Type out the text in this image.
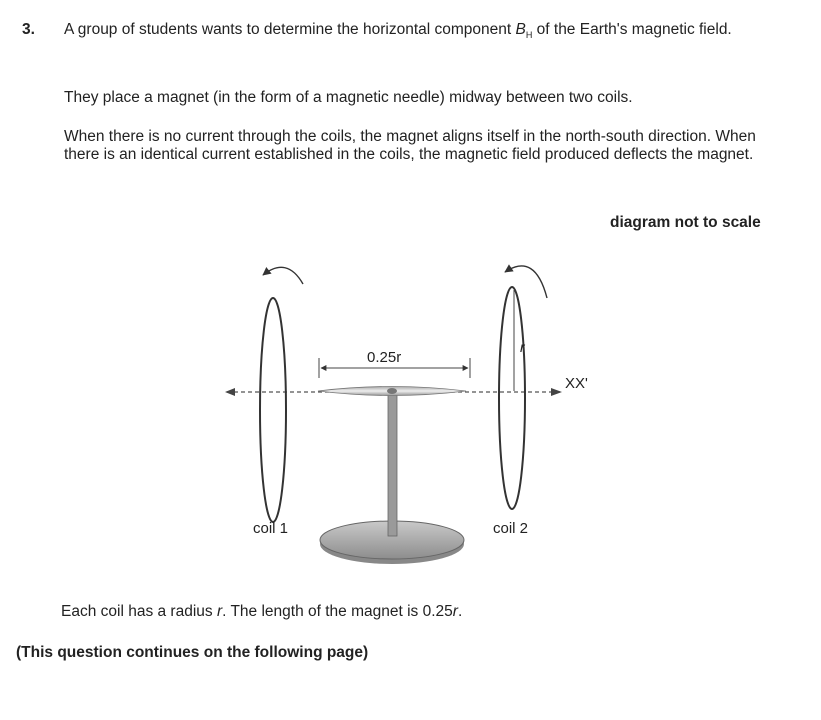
3. A group of students wants to determine the horizontal component $B_H$ of the Earth's magnetic field.
They place a magnet (in the form of a magnetic needle) midway between two coils.
When there is no current through the coils, the magnet aligns itself in the north-south direction. When there is an identical current established in the coils, the magnetic field produced deflects the magnet.
diagram not to scale
XX'
0.25r
coil 1
r
coil 2
Each coil has a radius r. The length of the magnet is 0.25r.
(This question continues on the following page)
